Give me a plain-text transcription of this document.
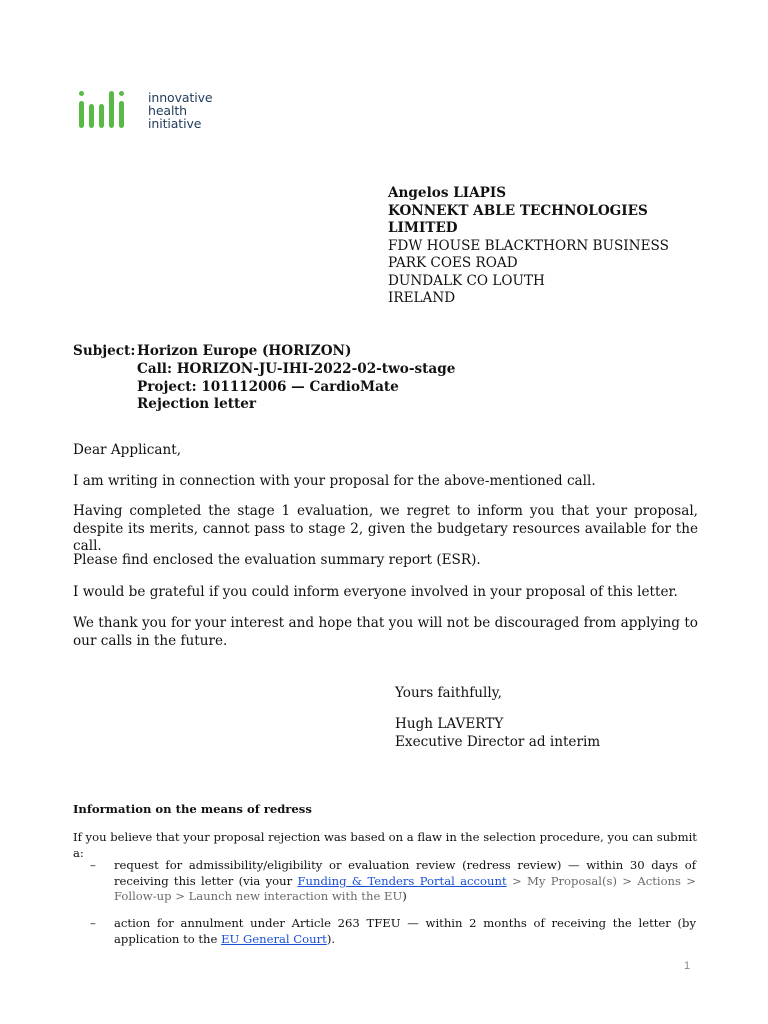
innovative
health
initiative
Angelos LIAPIS
KONNEKT ABLE TECHNOLOGIES
LIMITED
FDW HOUSE BLACKTHORN BUSINESS
PARK COES ROAD
DUNDALK CO LOUTH
IRELAND
Subject: Horizon Europe (HORIZON)
Call: HORIZON-JU-IHI-2022-02-two-stage
Project: 101112006 — CardioMate
Rejection letter
Dear Applicant,
I am writing in connection with your proposal for the above-mentioned call.
Having completed the stage 1 evaluation, we regret to inform you that your proposal, despite its merits, cannot pass to stage 2, given the budgetary resources available for the call.
Please find enclosed the evaluation summary report (ESR).
I would be grateful if you could inform everyone involved in your proposal of this letter.
We thank you for your interest and hope that you will not be discouraged from applying to our calls in the future.
Yours faithfully,
Hugh LAVERTY
Executive Director ad interim
Information on the means of redress
If you believe that your proposal rejection was based on a flaw in the selection procedure, you can submit a:
– request for admissibility/eligibility or evaluation review (redress review) — within 30 days of receiving this letter (via your Funding & Tenders Portal account > My Proposal(s) > Actions > Follow-up > Launch new interaction with the EU)
– action for annulment under Article 263 TFEU — within 2 months of receiving the letter (by application to the EU General Court).
1
